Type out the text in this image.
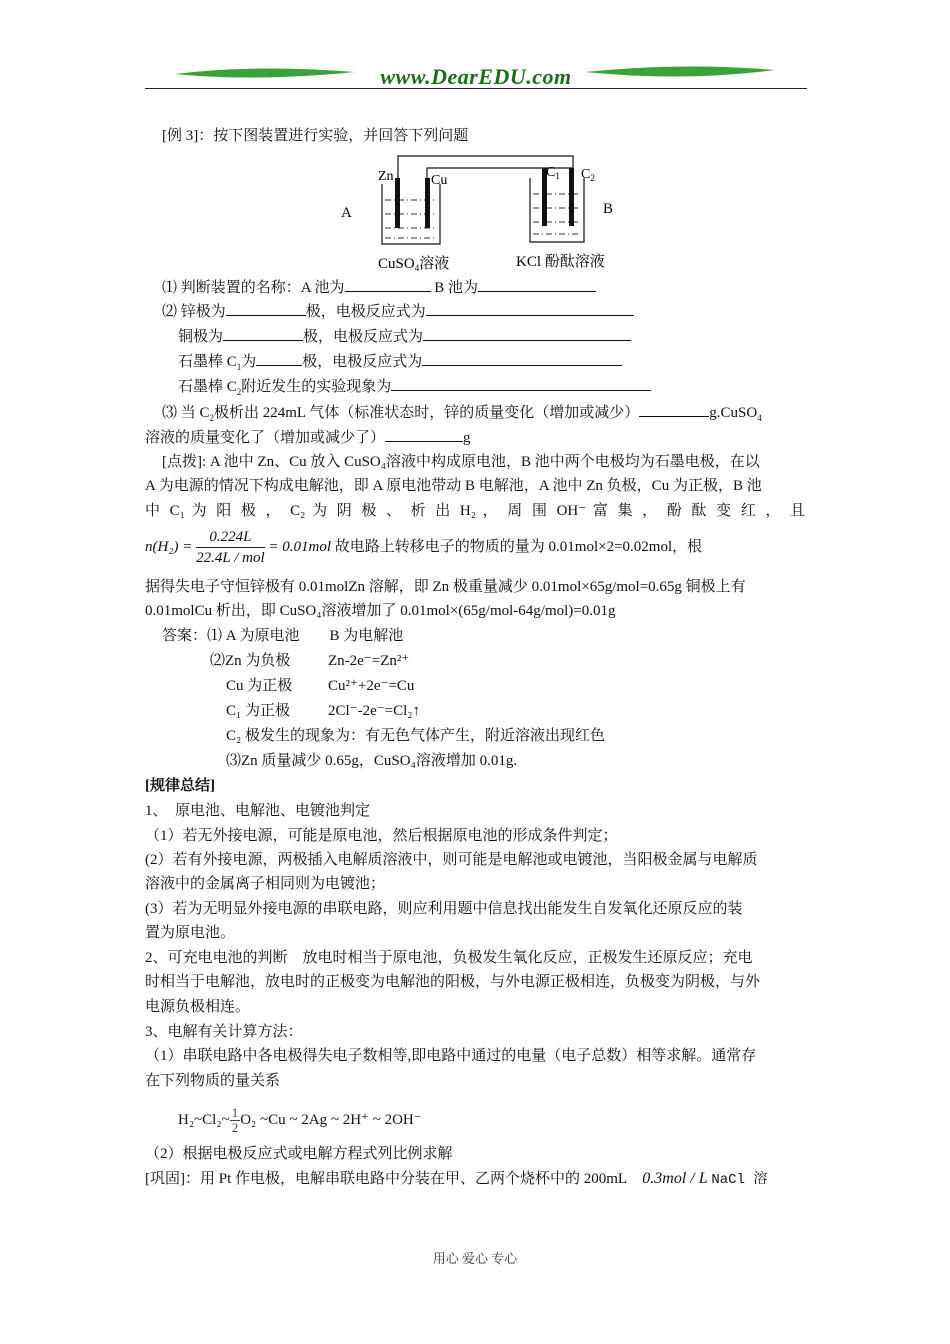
www.DearEDU.com
[例 3]：按下图装置进行实验，并回答下列问题
Zn	Cu
$C_1$ $C_2$
A	B
CuSO$_4$溶液	KCl 酚酞溶液
⑴ 判断装置的名称：A 池为	B 池为
⑵ 锌极为	极，电极反应式为
铜极为	极，电极反应式为
石墨棒 $C_1$为	极，电极反应式为
石墨棒 $C_2$附近发生的实验现象为
⑶ 当 $C_2$极析出 224mL 气体（标准状态时，锌的质量变化（增加或减少）	g.CuSO$_4$
溶液的质量变化了（增加或减少了）	g
[点拨]: A 池中 Zn、Cu 放入 CuSO₄溶液中构成原电池，B 池中两个电极均为石墨电极，在以
A 为电源的情况下构成电解池，即 A 原电池带动 B 电解池，A 池中 Zn 负极，Cu 为正极，B 池
中 C₁ 为 阳 极 ， C₂ 为 阴 极 、 析 出 H₂ ， 周 围 OH⁻ 富 集 ， 酚 酞 变 红 ， 且
$n(H_2) = \frac{0.224L}{\text{22.4L / mol}} = 0.01mol$ 故电路上转移电子的物质的量为 0.01mol×2=0.02mol，根
据得失电子守恒锌极有 0.01molZn 溶解，即 Zn 极重量减少 0.01mol×65g/mol=0.65g 铜极上有
0.01molCu 析出，即 CuSO₄溶液增加了 0.01mol×(65g/mol-64g/mol)=0.01g
答案：⑴ A 为原电池　　B 为电解池
⑵Zn 为负极	Zn-2e⁻=Zn²⁺
Cu 为正极 Cu²⁺+2e⁻=Cu
C₁ 为正极	2Cl⁻-2e⁻=Cl₂↑
C₂ 极发生的现象为：有无色气体产生，附近溶液出现红色
⑶Zn 质量减少 0.65g，CuSO₄溶液增加 0.01g.
[规律总结]
1、　原电池、电解池、电镀池判定
（1）若无外接电源，可能是原电池，然后根据原电池的形成条件判定；
(2）若有外接电源，两极插入电解质溶液中，则可能是电解池或电镀池，当阳极金属与电解质
溶液中的金属离子相同则为电镀池；
(3）若为无明显外接电源的串联电路，则应利用题中信息找出能发生自发氧化还原反应的装
置为原电池。
2、可充电电池的判断　放电时相当于原电池，负极发生氧化反应，正极发生还原反应；充电
时相当于电解池，放电时的正极变为电解池的阳极，与外电源正极相连，负极变为阴极，与外
电源负极相连。
3、电解有关计算方法：
（1）串联电路中各电极得失电子数相等,即电路中通过的电量（电子总数）相等求解。通常存
在下列物质的量关系
H₂~Cl₂~ $\frac{1}{2} O_2$ ~Cu ~ 2Ag ~ 2H⁺ ~ 2OH⁻
（2）根据电极反应式或电解方程式列比例求解
[巩固]：用 Pt 作电极，电解串联电路中分装在甲、乙两个烧杯中的 200mL 0.3mol / L NaCl 溶
用心 爱心 专心
